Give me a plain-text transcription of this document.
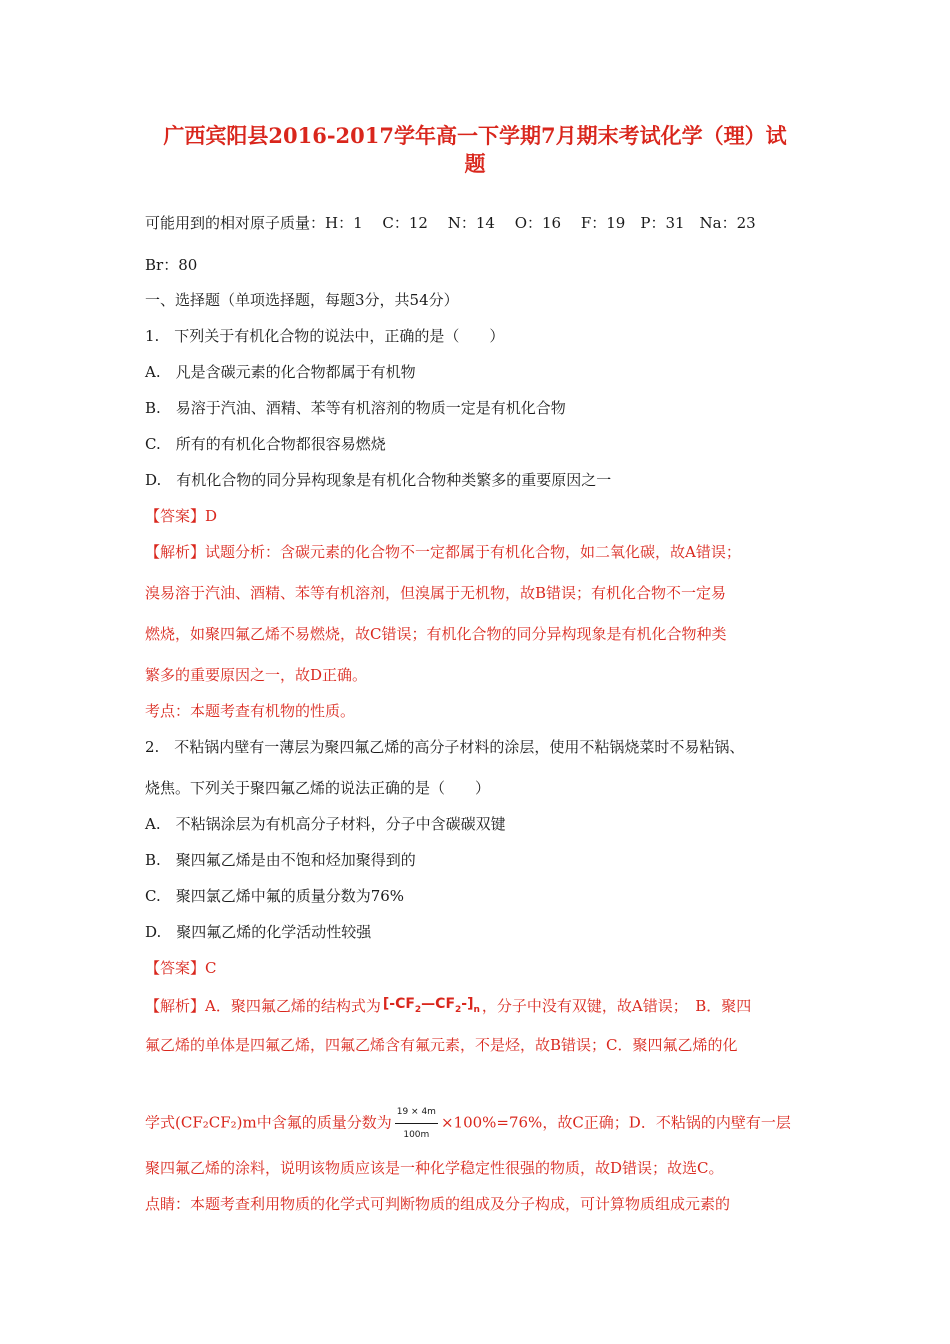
广西宾阳县2016-2017学年高一下学期7月期末考试化学（理）试
题
可能用到的相对原子质量：H：1　 C：12　 N：14　 O：16　 F：19　P：31　Na：23
Br：80
一、选择题（单项选择题，每题3分，共54分）
1.　下列关于有机化合物的说法中，正确的是（　　）
A.　凡是含碳元素的化合物都属于有机物
B.　易溶于汽油、酒精、苯等有机溶剂的物质一定是有机化合物
C.　所有的有机化合物都很容易燃烧
D.　有机化合物的同分异构现象是有机化合物种类繁多的重要原因之一
【答案】D
【解析】试题分析：含碳元素的化合物不一定都属于有机化合物，如二氧化碳，故A错误；
溴易溶于汽油、酒精、苯等有机溶剂，但溴属于无机物，故B错误；有机化合物不一定易
燃烧，如聚四氟乙烯不易燃烧，故C错误；有机化合物的同分异构现象是有机化合物种类
繁多的重要原因之一，故D正确。
考点：本题考查有机物的性质。
2.　不粘锅内壁有一薄层为聚四氟乙烯的高分子材料的涂层，使用不粘锅烧菜时不易粘锅、
烧焦。下列关于聚四氟乙烯的说法正确的是（　　）
A.　不粘锅涂层为有机高分子材料，分子中含碳碳双键
B.　聚四氟乙烯是由不饱和烃加聚得到的
C.　聚四氯乙烯中氟的质量分数为76%
D.　聚四氟乙烯的化学活动性较强
【答案】C
【解析】A．聚四氟乙烯的结构式为 $[-CF_2—CF_2-]_n$ ，分子中没有双键，故A错误；　B．聚四
氟乙烯的单体是四氟乙烯，四氟乙烯含有氟元素，不是烃，故B错误；C．聚四氟乙烯的化
学式(CF₂CF₂)m中含氟的质量分数为 $\frac{19 \times 4m}{100m} \times 100\%=76\%$，故C正确；D．不粘锅的内壁有一层
聚四氟乙烯的涂料，说明该物质应该是一种化学稳定性很强的物质，故D错误；故选C。
点睛：本题考查利用物质的化学式可判断物质的组成及分子构成，可计算物质组成元素的
